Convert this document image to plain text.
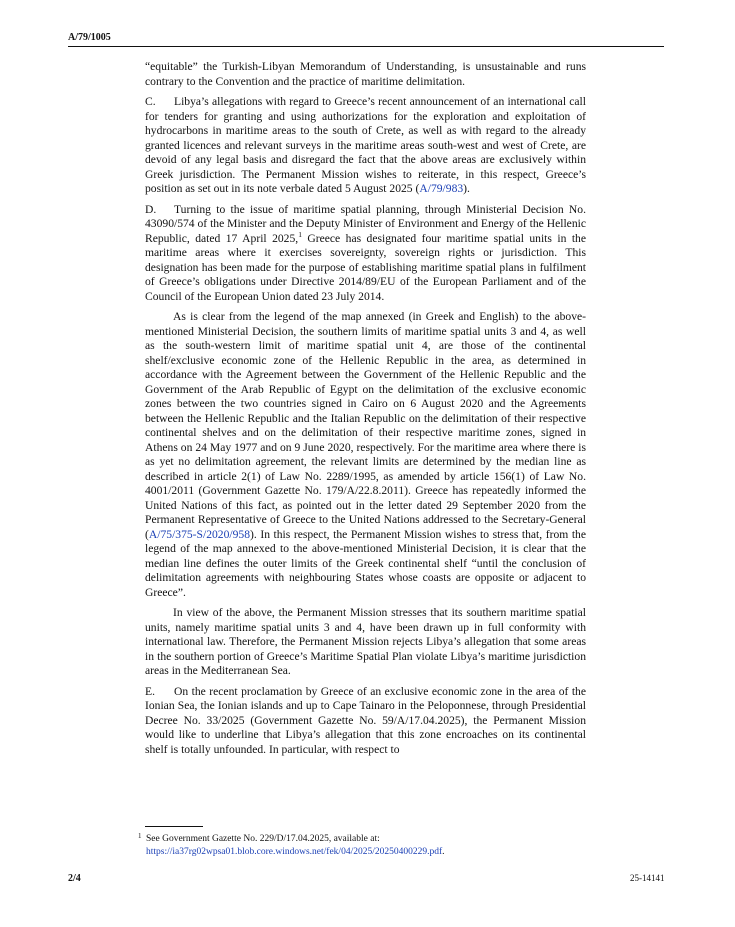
A/79/1005

“equitable” the Turkish-Libyan Memorandum of Understanding, is unsustainable and runs contrary to the Convention and the practice of maritime delimitation.

C. Libya’s allegations with regard to Greece’s recent announcement of an international call for tenders for granting and using authorizations for the exploration and exploitation of hydrocarbons in maritime areas to the south of Crete, as well as with regard to the already granted licences and relevant surveys in the maritime areas south-west and west of Crete, are devoid of any legal basis and disregard the fact that the above areas are exclusively within Greek jurisdiction. The Permanent Mission wishes to reiterate, in this respect, Greece’s position as set out in its note verbale dated 5 August 2025 (A/79/983).

D. Turning to the issue of maritime spatial planning, through Ministerial Decision No. 43090/574 of the Minister and the Deputy Minister of Environment and Energy of the Hellenic Republic, dated 17 April 2025,$^1$ Greece has designated four maritime spatial units in the maritime areas where it exercises sovereignty, sovereign rights or jurisdiction. This designation has been made for the purpose of establishing maritime spatial plans in fulfilment of Greece’s obligations under Directive 2014/89/EU of the European Parliament and of the Council of the European Union dated 23 July 2014.

As is clear from the legend of the map annexed (in Greek and English) to the above-mentioned Ministerial Decision, the southern limits of maritime spatial units 3 and 4, as well as the south-western limit of maritime spatial unit 4, are those of the continental shelf/exclusive economic zone of the Hellenic Republic in the area, as determined in accordance with the Agreement between the Government of the Hellenic Republic and the Government of the Arab Republic of Egypt on the delimitation of the exclusive economic zones between the two countries signed in Cairo on 6 August 2020 and the Agreements between the Hellenic Republic and the Italian Republic on the delimitation of their respective continental shelves and on the delimitation of their respective maritime zones, signed in Athens on 24 May 1977 and on 9 June 2020, respectively. For the maritime area where there is as yet no delimitation agreement, the relevant limits are determined by the median line as described in article 2(1) of Law No. 2289/1995, as amended by article 156(1) of Law No. 4001/2011 (Government Gazette No. 179/A/22.8.2011). Greece has repeatedly informed the United Nations of this fact, as pointed out in the letter dated 29 September 2020 from the Permanent Representative of Greece to the United Nations addressed to the Secretary-General (A/75/375-S/2020/958). In this respect, the Permanent Mission wishes to stress that, from the legend of the map annexed to the above-mentioned Ministerial Decision, it is clear that the median line defines the outer limits of the Greek continental shelf “until the conclusion of delimitation agreements with neighbouring States whose coasts are opposite or adjacent to Greece”.

In view of the above, the Permanent Mission stresses that its southern maritime spatial units, namely maritime spatial units 3 and 4, have been drawn up in full conformity with international law. Therefore, the Permanent Mission rejects Libya’s allegation that some areas in the southern portion of Greece’s Maritime Spatial Plan violate Libya’s maritime jurisdiction areas in the Mediterranean Sea.

E. On the recent proclamation by Greece of an exclusive economic zone in the area of the Ionian Sea, the Ionian islands and up to Cape Tainaro in the Peloponnese, through Presidential Decree No. 33/2025 (Government Gazette No. 59/A/17.04.2025), the Permanent Mission would like to underline that Libya’s allegation that this zone encroaches on its continental shelf is totally unfounded. In particular, with respect to

1 See Government Gazette No. 229/D/17.04.2025, available at:
https://ia37rg02wpsa01.blob.core.windows.net/fek/04/2025/20250400229.pdf.
2/4	25-14141
